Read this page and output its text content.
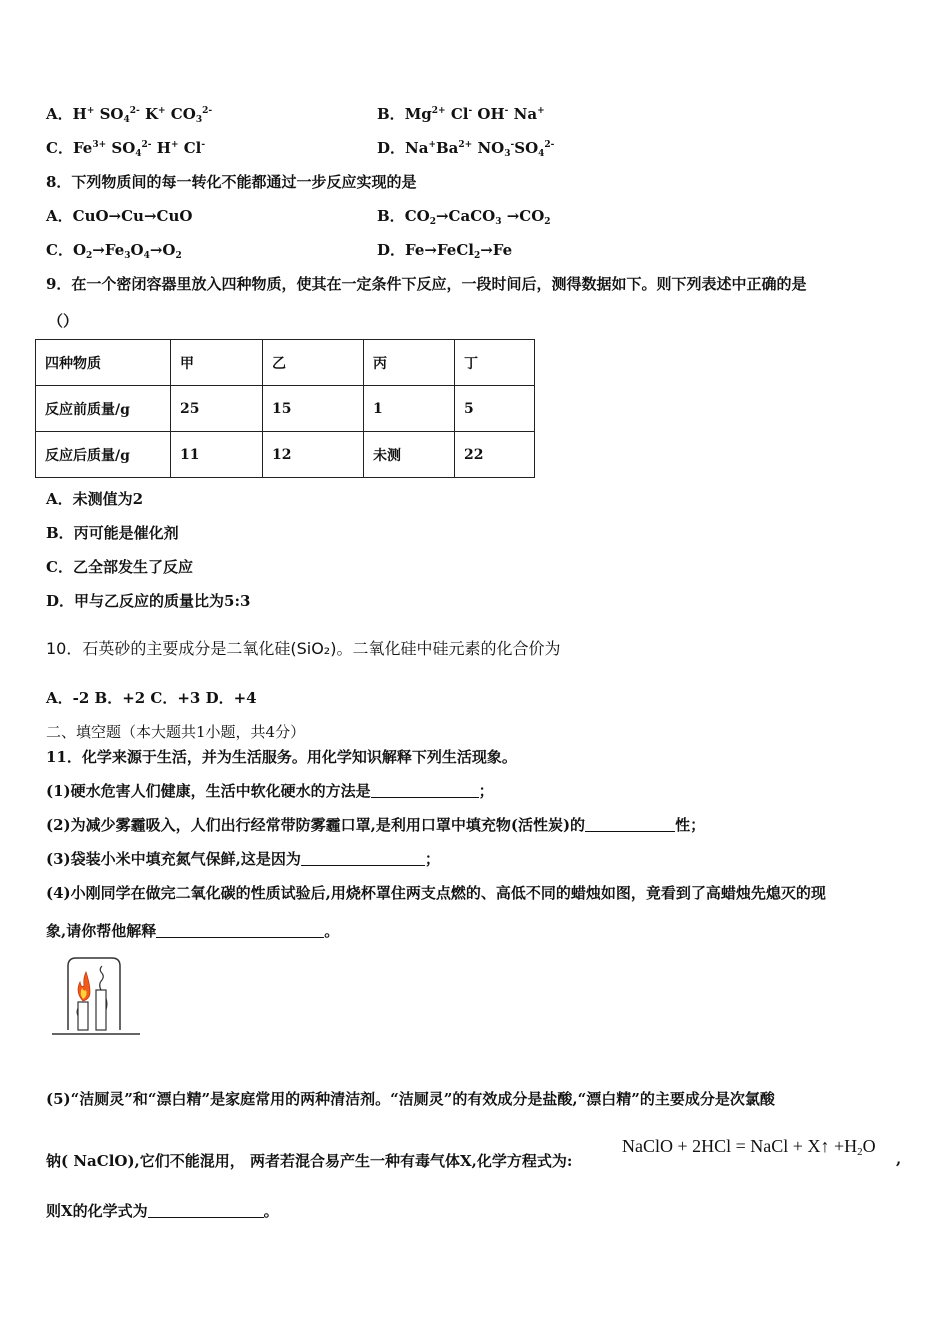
A．H+ $SO_4^{2-}$ K+ $CO_3^{2-}$	B．$Mg^{2+}$ Cl- OH- Na+
C．$Fe^{3+}$ $SO_4^{2-}$ H+ Cl-	D．$Na^+Ba^{2+}$ $NO_3^-SO_4^{2-}$
8．下列物质间的每一转化不能都通过一步反应实现的是
A．CuO→Cu→CuO	B．$CO_2\to CaCO_3 \to CO_2$
C．$O_2\to Fe_3O_4\to O_2$	D．Fe→FeCl$_2$→Fe
9．在一个密闭容器里放入四种物质，使其在一定条件下反应，一段时间后，测得数据如下。则下列表述中正确的是
（）
四种物质	甲	乙	丙	丁
反应前质量/g	25	15	1	5
反应后质量/g	11	12	未测	22
A．未测值为2
B．丙可能是催化剂
C．乙全部发生了反应
D．甲与乙反应的质量比为5:3
10．石英砂的主要成分是二氧化硅(SiO₂)。二氧化硅中硅元素的化合价为
A．-2 B．+2 C．+3 D．+4
二、填空题（本大题共1小题，共4分）
11．化学来源于生活，并为生活服务。用化学知识解释下列生活现象。
(1)硬水危害人们健康，生活中软化硬水的方法是	；
(2)为减少雾霾吸入，人们出行经常带防雾霾口罩,是利用口罩中填充物(活性炭)的	性；
(3)袋装小米中填充氮气保鲜,这是因为	；
(4)小刚同学在做完二氧化碳的性质试验后,用烧杯罩住两支点燃的、高低不同的蜡烛如图，竟看到了高蜡烛先熄灭的现
象,请你帮他解释	。
(5)“洁厕灵”和“漂白精”是家庭常用的两种清洁剂。“洁厕灵”的有效成分是盐酸,“漂白精”的主要成分是次氯酸
钠( NaClO),它们不能混用， 两者若混合易产生一种有毒气体X,化学方程式为:
NaClO + 2HCl = NaCl + X↑ $+H_2O$
,
则X的化学式为	。
